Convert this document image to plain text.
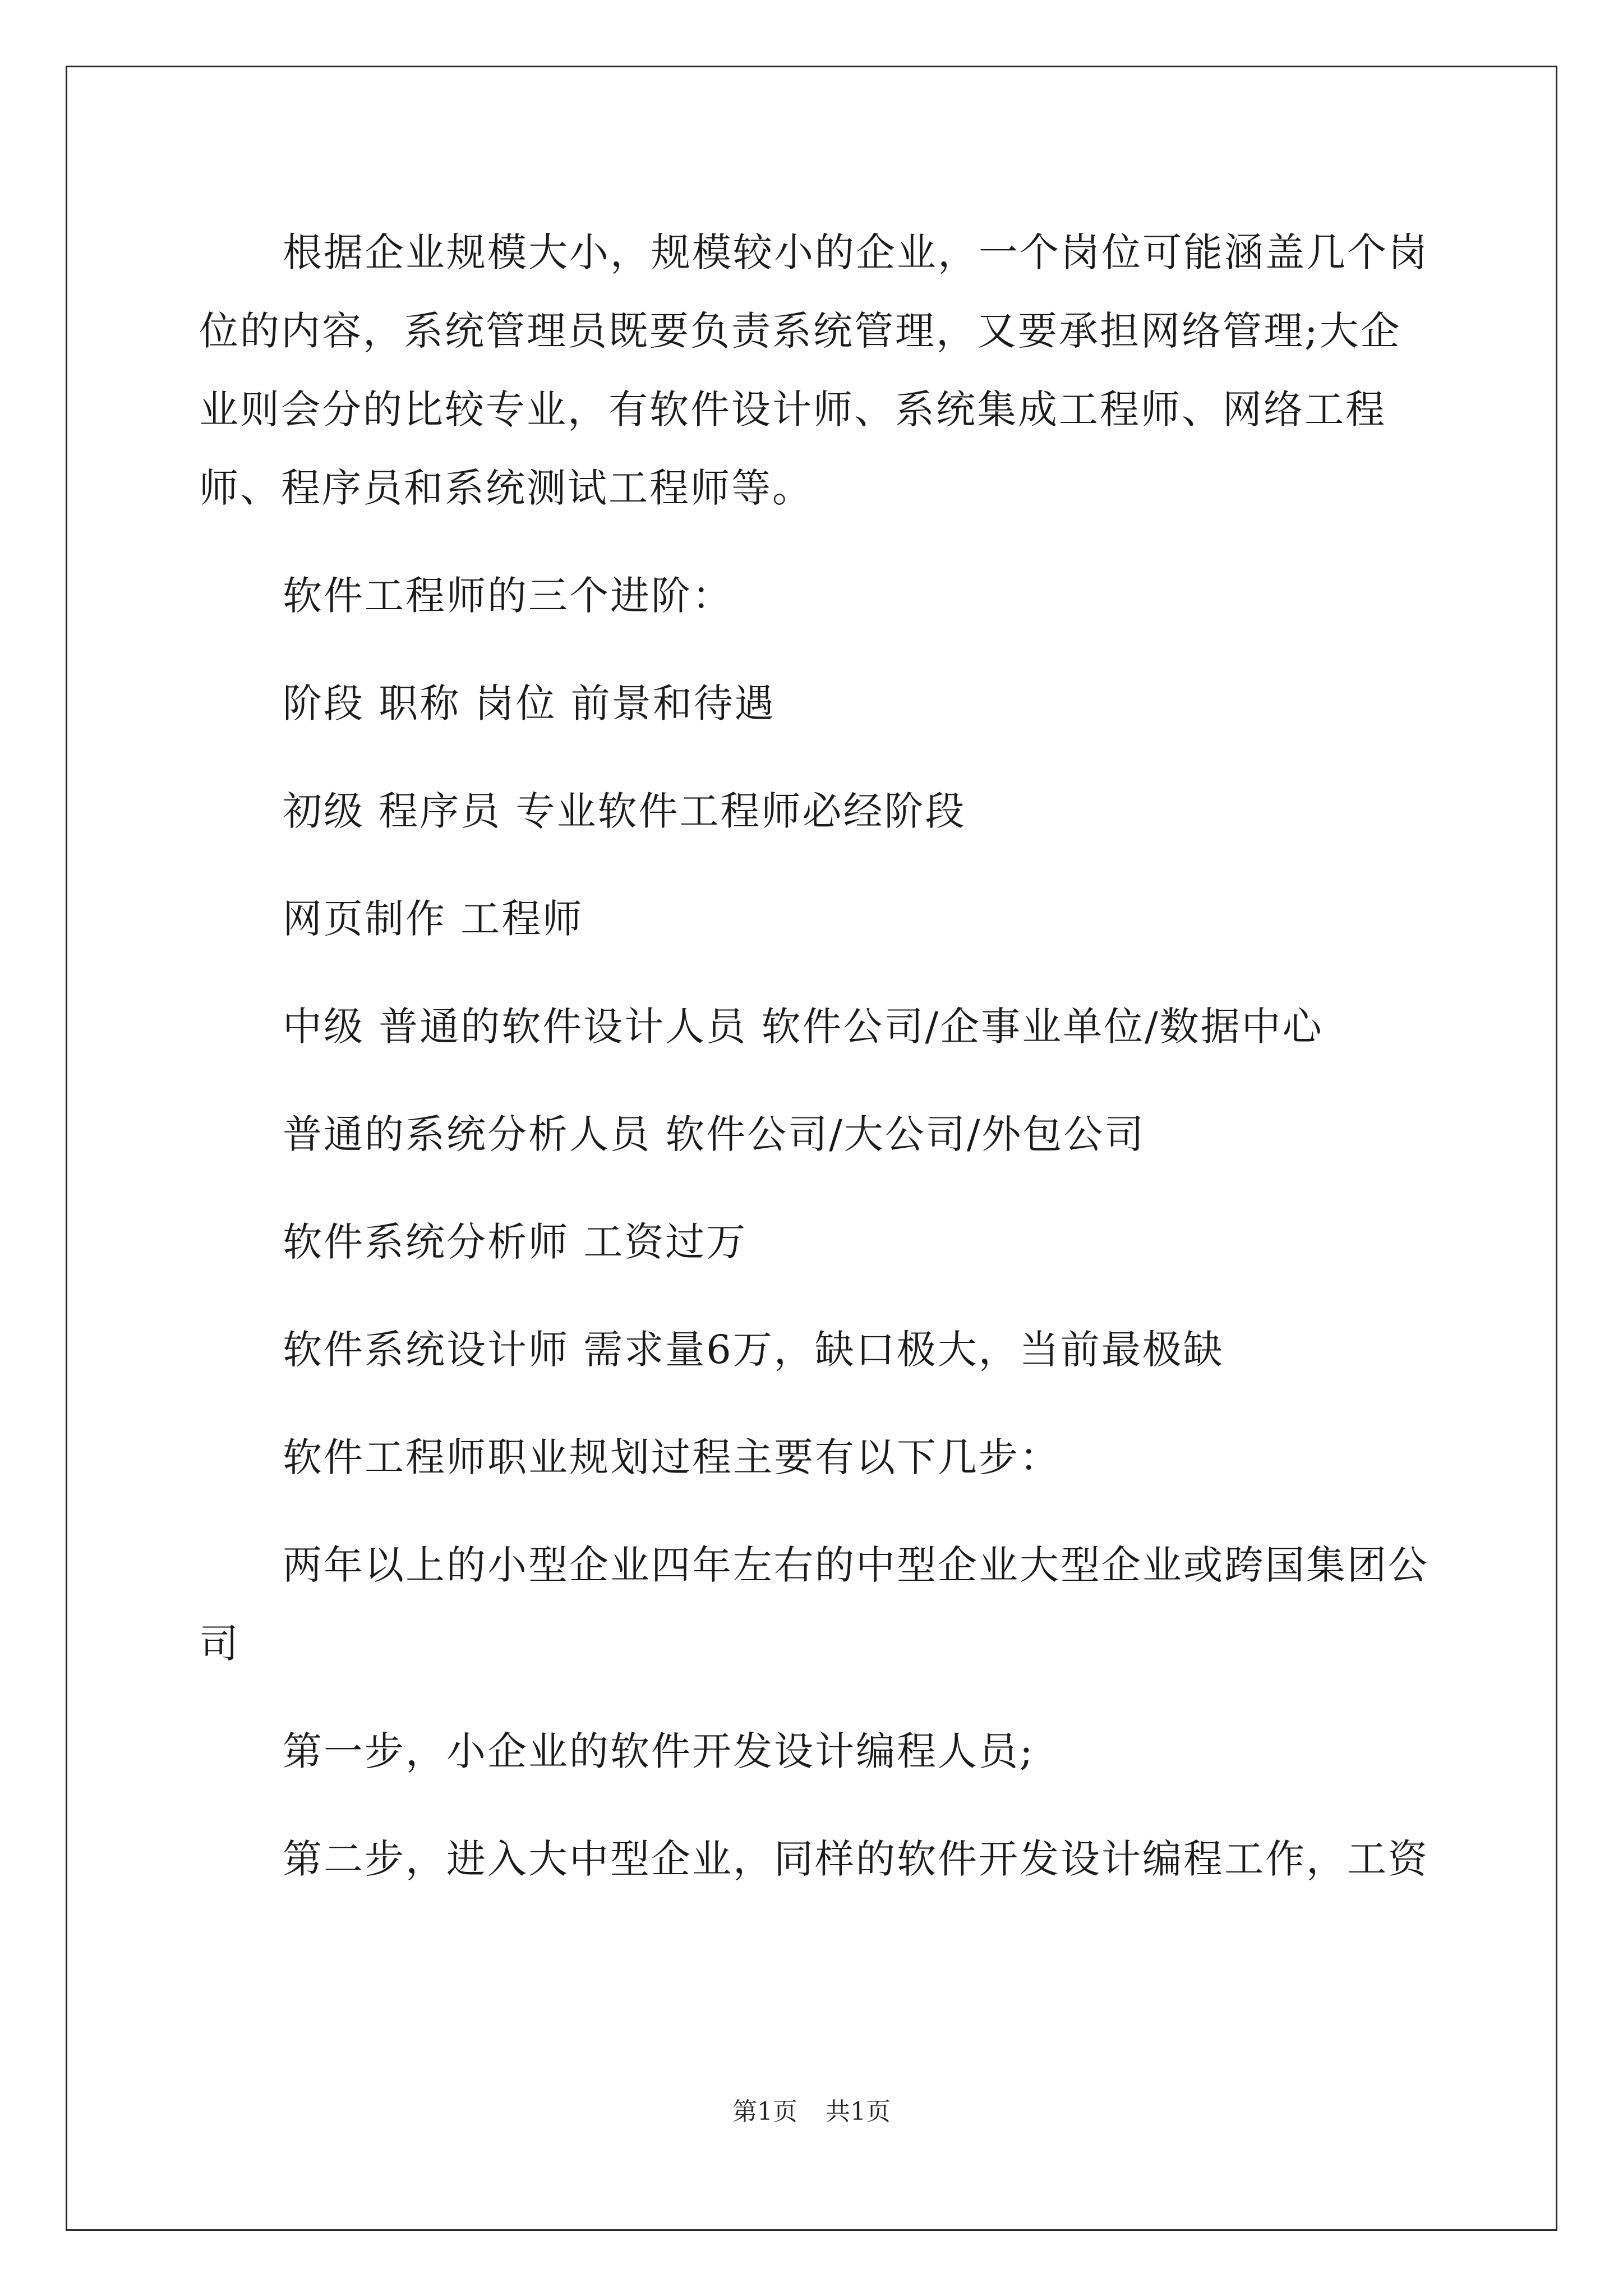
根据企业规模大小，规模较小的企业，一个岗位可能涵盖几个岗位的内容，系统管理员既要负责系统管理，又要承担网络管理;大企业则会分的比较专业，有软件设计师、系统集成工程师、网络工程师、程序员和系统测试工程师等。

软件工程师的三个进阶：

阶段 职称 岗位 前景和待遇

初级 程序员 专业软件工程师必经阶段

网页制作 工程师

中级 普通的软件设计人员 软件公司/企事业单位/数据中心

普通的系统分析人员 软件公司/大公司/外包公司

软件系统分析师 工资过万

软件系统设计师 需求量6万，缺口极大，当前最极缺

软件工程师职业规划过程主要有以下几步：

两年以上的小型企业四年左右的中型企业大型企业或跨国集团公司

第一步，小企业的软件开发设计编程人员;

第二步，进入大中型企业，同样的软件开发设计编程工作，工资

第1页 共1页
